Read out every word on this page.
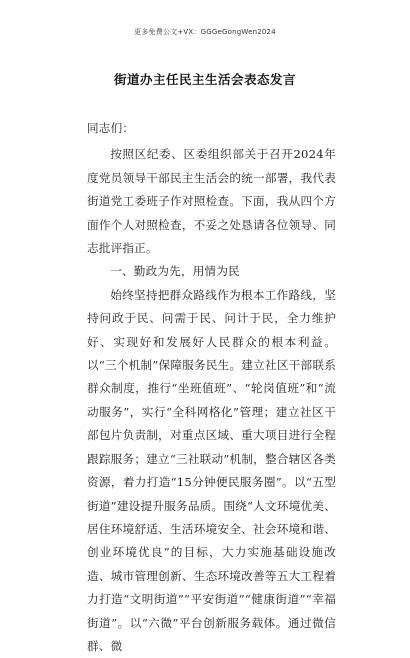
更多免费公文+VX：GGGeGongWen2024
街道办主任民主生活会表态发言

同志们：

按照区纪委、区委组织部关于召开2024年度党员领导干部民主生活会的统一部署，我代表街道党工委班子作对照检查。下面，我从四个方面作个人对照检查，不妥之处恳请各位领导、同志批评指正。

一、勤政为先，用情为民

始终坚持把群众路线作为根本工作路线，坚持问政于民、问需于民、问计于民，全力维护好、实现好和发展好人民群众的根本利益。以“三个机制”保障服务民生。建立社区干部联系群众制度，推行“坐班值班”、“轮岗值班”和“流动服务”，实行“全科网格化”管理；建立社区干部包片负责制，对重点区域、重大项目进行全程跟踪服务；建立“三社联动”机制，整合辖区各类资源，着力打造“15分钟便民服务圈”。以“五型街道”建设提升服务品质。围绕“人文环境优美、居住环境舒适、生活环境安全、社会环境和谐、创业环境优良”的目标，大力实施基础设施改造、城市管理创新、生态环境改善等五大工程着力打造“文明街道”“平安街道”“健康街道”“幸福街道”。以“六微”平台创新服务载体。通过微信群、微
